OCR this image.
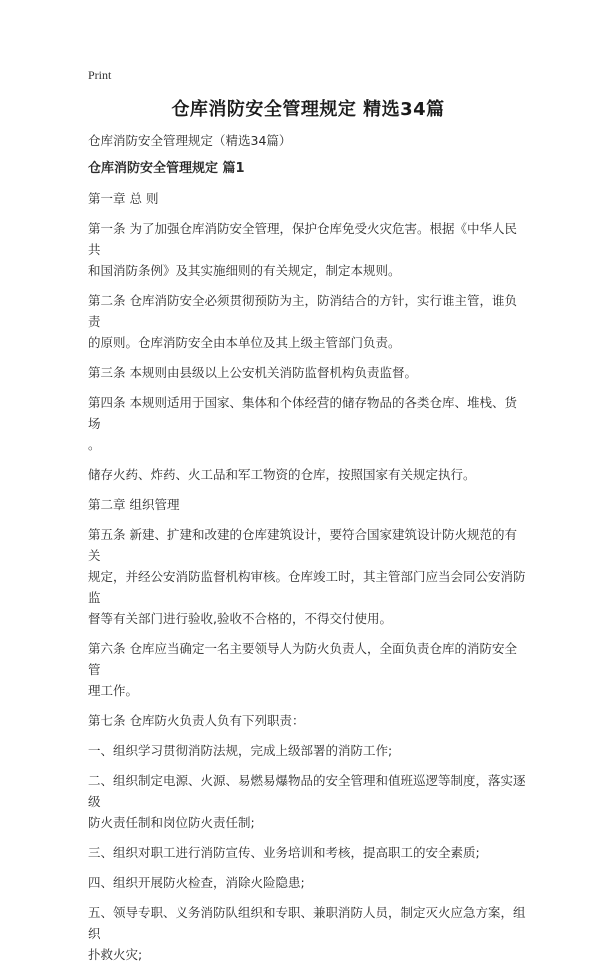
Print
仓库消防安全管理规定 精选34篇

仓库消防安全管理规定（精选34篇）

仓库消防安全管理规定 篇1

第一章 总 则

第一条 为了加强仓库消防安全管理，保护仓库免受火灾危害。根据《中华人民共
和国消防条例》及其实施细则的有关规定，制定本规则。

第二条 仓库消防安全必须贯彻预防为主，防消结合的方针，实行谁主管，谁负责
的原则。仓库消防安全由本单位及其上级主管部门负责。

第三条 本规则由县级以上公安机关消防监督机构负责监督。

第四条 本规则适用于国家、集体和个体经营的储存物品的各类仓库、堆栈、货场
。

储存火药、炸药、火工品和军工物资的仓库，按照国家有关规定执行。

第二章 组织管理

第五条 新建、扩建和改建的仓库建筑设计，要符合国家建筑设计防火规范的有关
规定，并经公安消防监督机构审核。仓库竣工时，其主管部门应当会同公安消防监
督等有关部门进行验收,验收不合格的，不得交付使用。

第六条 仓库应当确定一名主要领导人为防火负责人，全面负责仓库的消防安全管
理工作。

第七条 仓库防火负责人负有下列职责：

一、组织学习贯彻消防法规，完成上级部署的消防工作;

二、组织制定电源、火源、易燃易爆物品的安全管理和值班巡逻等制度，落实逐级
防火责任制和岗位防火责任制;

三、组织对职工进行消防宣传、业务培训和考核，提高职工的安全素质;

四、组织开展防火检查，消除火险隐患;

五、领导专职、义务消防队组织和专职、兼职消防人员，制定灭火应急方案，组织
扑救火灾;
